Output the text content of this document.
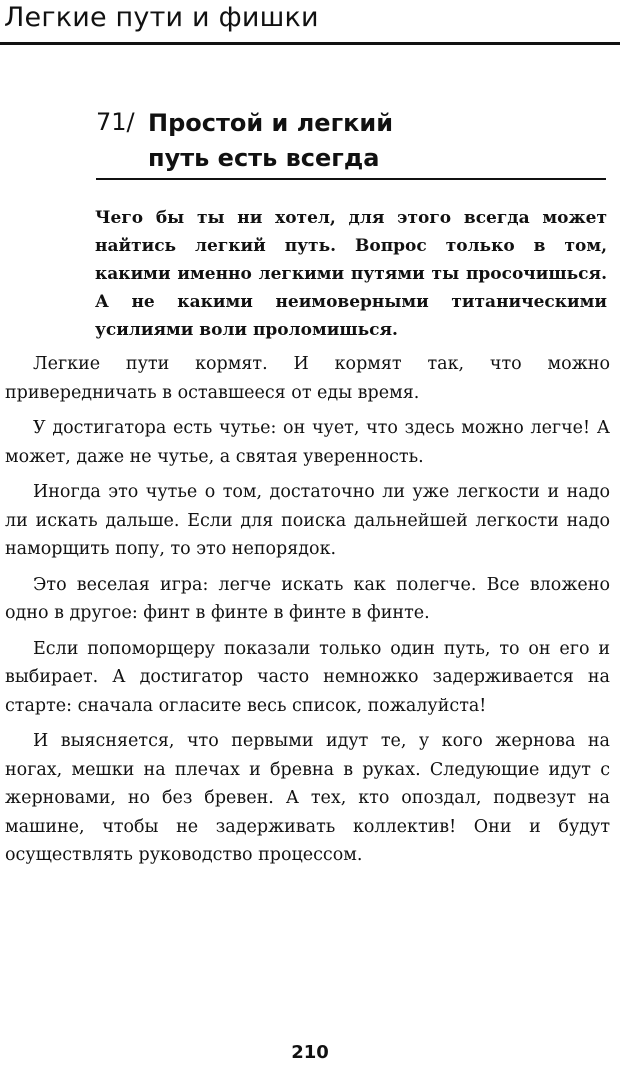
Легкие пути и фишки
71/ Простой и легкий
путь есть всегда
Чего бы ты ни хотел, для этого всегда может найтись легкий путь. Вопрос только в том, какими именно легкими путями ты просочишься. А не какими неимоверными титаническими усилиями воли проломишься.

Легкие пути кормят. И кормят так, что можно привередничать в оставшееся от еды время.

У достигатора есть чутье: он чует, что здесь можно легче! А может, даже не чутье, а святая уверенность.

Иногда это чутье о том, достаточно ли уже легкости и надо ли искать дальше. Если для поиска дальнейшей легкости надо наморщить попу, то это непорядок.

Это веселая игра: легче искать как полегче. Все вложено одно в другое: финт в финте в финте в финте.

Если попоморщеру показали только один путь, то он его и выбирает. А достигатор часто немножко задерживается на старте: сначала огласите весь список, пожалуйста!

И выясняется, что первыми идут те, у кого жернова на ногах, мешки на плечах и бревна в руках. Следующие идут с жерновами, но без бревен. А тех, кто опоздал, подвезут на машине, чтобы не задерживать коллектив! Они и будут осуществлять руководство процессом.

210
